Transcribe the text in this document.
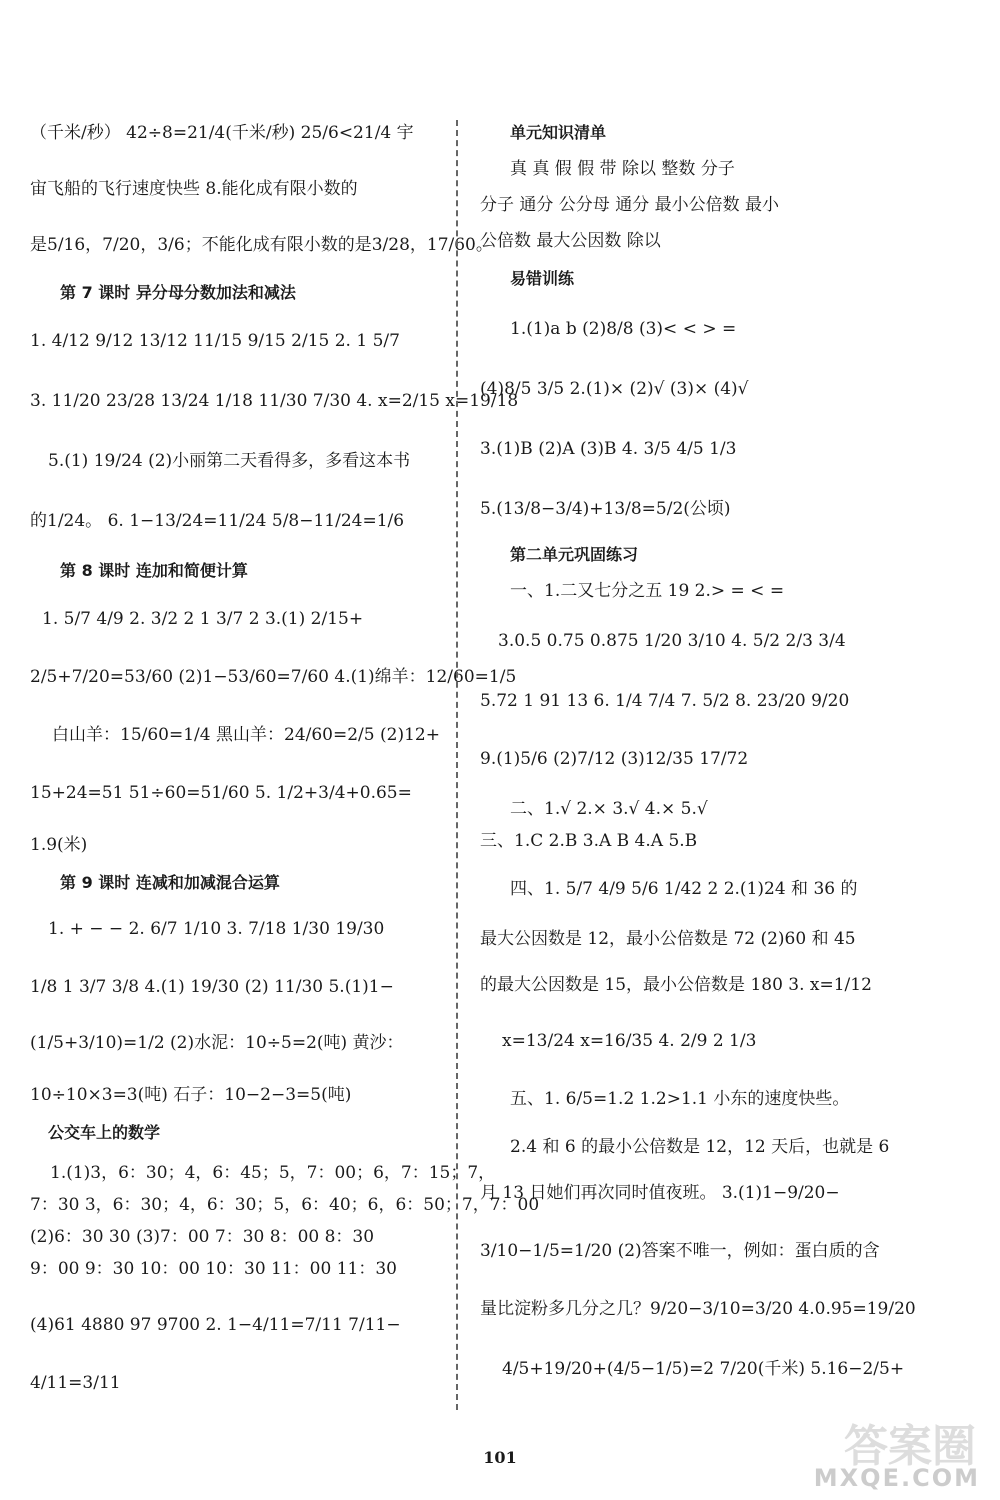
（千米/秒） 42÷8=21/4(千米/秒) 25/6<21/4 宇
宙飞船的飞行速度快些 8.能化成有限小数的
是5/16，7/20，3/6；不能化成有限小数的是3/28，17/60。
第 7 课时 异分母分数加法和减法
1. 4/12 9/12 13/12 11/15 9/15 2/15 2. 1 5/7
3. 11/20 23/28 13/24 1/18 11/30 7/30 4. x=2/15 x=19/18
5.(1) 19/24 (2)小丽第二天看得多，多看这本书
的1/24。 6. 1−13/24=11/24 5/8−11/24=1/6
第 8 课时 连加和简便计算
1. 5/7 4/9 2. 3/2 2 1 3/7 2 3.(1) 2/15+
2/5+7/20=53/60 (2)1−53/60=7/60 4.(1)绵羊：12/60=1/5
白山羊：15/60=1/4 黑山羊：24/60=2/5 (2)12+
15+24=51 51÷60=51/60 5. 1/2+3/4+0.65=
1.9(米)
第 9 课时 连减和加减混合运算
1. + − − 2. 6/7 1/10 3. 7/18 1/30 19/30
1/8 1 3/7 3/8 4.(1) 19/30 (2) 11/30 5.(1)1−
(1/5+3/10)=1/2 (2)水泥：10÷5=2(吨) 黄沙：
10÷10×3=3(吨) 石子：10−2−3=5(吨)
公交车上的数学
1.(1)3，6：30；4，6：45；5，7：00；6，7：15；7，
7：30 3，6：30；4，6：30；5，6：40；6，6：50；7，7：00
(2)6：30 30 (3)7：00 7：30 8：00 8：30
9：00 9：30 10：00 10：30 11：00 11：30
(4)61 4880 97 9700 2. 1−4/11=7/11 7/11−
4/11=3/11
单元知识清单
真 真 假 假 带 除以 整数 分子
分子 通分 公分母 通分 最小公倍数 最小
公倍数 最大公因数 除以
易错训练
1.(1)a b (2)8/8 (3)< < > =
(4)8/5 3/5 2.(1)× (2)√ (3)× (4)√
3.(1)B (2)A (3)B 4. 3/5 4/5 1/3
5.(13/8−3/4)+13/8=5/2(公顷)
第二单元巩固练习
一、1.二又七分之五 19 2.> = < =
3.0.5 0.75 0.875 1/20 3/10 4. 5/2 2/3 3/4
5.72 1 91 13 6. 1/4 7/4 7. 5/2 8. 23/20 9/20
9.(1)5/6 (2)7/12 (3)12/35 17/72
二、1.√ 2.× 3.√ 4.× 5.√
三、1.C 2.B 3.A B 4.A 5.B
四、1. 5/7 4/9 5/6 1/42 2 2.(1)24 和 36 的
最大公因数是 12，最小公倍数是 72 (2)60 和 45
的最大公因数是 15，最小公倍数是 180 3. x=1/12
x=13/24 x=16/35 4. 2/9 2 1/3
五、1. 6/5=1.2 1.2>1.1 小东的速度快些。
2.4 和 6 的最小公倍数是 12，12 天后，也就是 6
月 13 日她们再次同时值夜班。 3.(1)1−9/20−
3/10−1/5=1/20 (2)答案不唯一，例如：蛋白质的含
量比淀粉多几分之几？9/20−3/10=3/20 4.0.95=19/20
4/5+19/20+(4/5−1/5)=2 7/20(千米) 5.16−2/5+
101	答案圈
MXQE.COM
